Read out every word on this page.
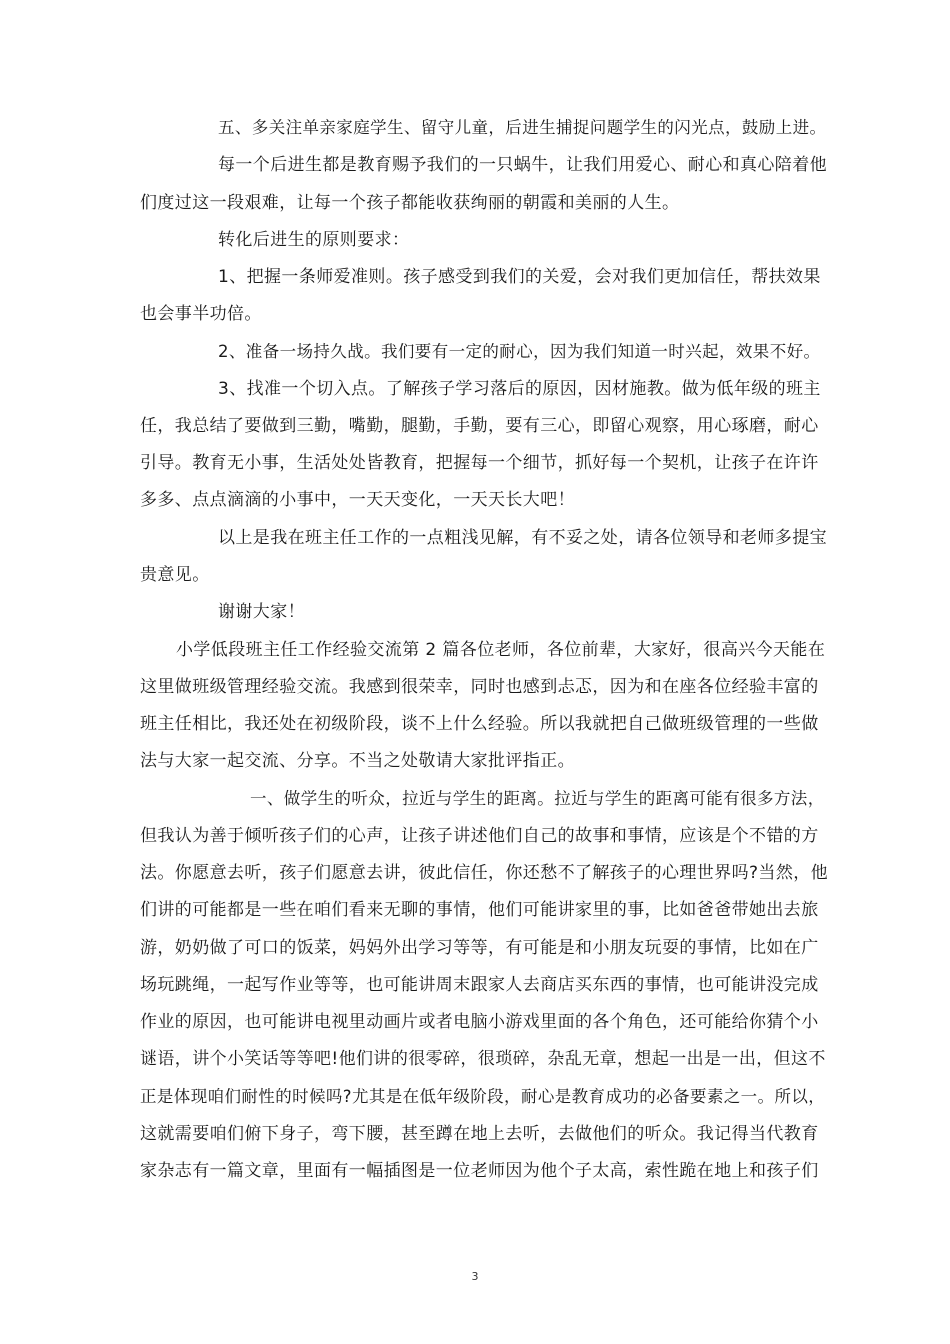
五、多关注单亲家庭学生、留守儿童，后进生捕捉问题学生的闪光点，鼓励上进。

每一个后进生都是教育赐予我们的一只蜗牛，让我们用爱心、耐心和真心陪着他

们度过这一段艰难，让每一个孩子都能收获绚丽的朝霞和美丽的人生。

转化后进生的原则要求：

1、把握一条师爱准则。孩子感受到我们的关爱，会对我们更加信任，帮扶效果

也会事半功倍。

2、准备一场持久战。我们要有一定的耐心，因为我们知道一时兴起，效果不好。

3、找准一个切入点。了解孩子学习落后的原因，因材施教。做为低年级的班主

任，我总结了要做到三勤，嘴勤，腿勤，手勤，要有三心，即留心观察，用心琢磨，耐心

引导。教育无小事，生活处处皆教育，把握每一个细节，抓好每一个契机，让孩子在许许

多多、点点滴滴的小事中，一天天变化，一天天长大吧！

以上是我在班主任工作的一点粗浅见解，有不妥之处，请各位领导和老师多提宝

贵意见。

谢谢大家！

小学低段班主任工作经验交流第 2 篇各位老师，各位前辈，大家好，很高兴今天能在

这里做班级管理经验交流。我感到很荣幸，同时也感到忐忑，因为和在座各位经验丰富的

班主任相比，我还处在初级阶段，谈不上什么经验。所以我就把自己做班级管理的一些做

法与大家一起交流、分享。不当之处敬请大家批评指正。

一、做学生的听众，拉近与学生的距离。拉近与学生的距离可能有很多方法，

但我认为善于倾听孩子们的心声，让孩子讲述他们自己的故事和事情，应该是个不错的方

法。你愿意去听，孩子们愿意去讲，彼此信任，你还愁不了解孩子的心理世界吗?当然，他

们讲的可能都是一些在咱们看来无聊的事情，他们可能讲家里的事，比如爸爸带她出去旅

游，奶奶做了可口的饭菜，妈妈外出学习等等，有可能是和小朋友玩耍的事情，比如在广

场玩跳绳，一起写作业等等，也可能讲周末跟家人去商店买东西的事情，也可能讲没完成

作业的原因，也可能讲电视里动画片或者电脑小游戏里面的各个角色，还可能给你猜个小

谜语，讲个小笑话等等吧!他们讲的很零碎，很琐碎，杂乱无章，想起一出是一出，但这不

正是体现咱们耐性的时候吗?尤其是在低年级阶段，耐心是教育成功的必备要素之一。所以，

这就需要咱们俯下身子，弯下腰，甚至蹲在地上去听，去做他们的听众。我记得当代教育

家杂志有一篇文章，里面有一幅插图是一位老师因为他个子太高，索性跪在地上和孩子们

3
